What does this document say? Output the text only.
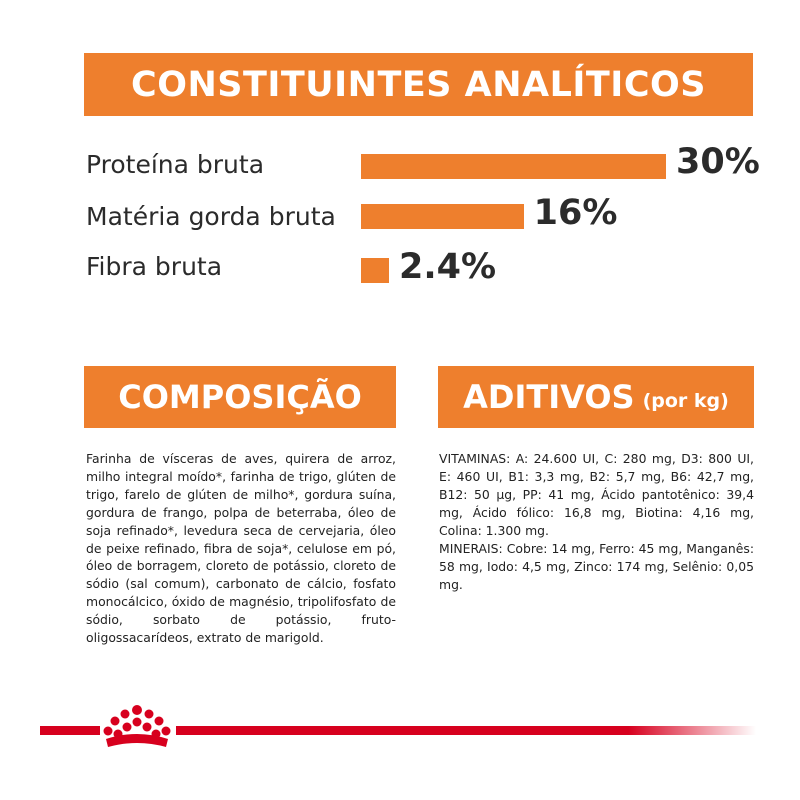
CONSTITUINTES ANALÍTICOS
Proteína bruta	30%
Matéria gorda bruta	16%
Fibra bruta	2.4%
COMPOSIÇÃO	ADITIVOS (por kg)
Farinha de vísceras de aves, quirera de arroz, milho integral moído*, farinha de trigo, glúten de trigo, farelo de glúten de milho*, gordura suína, gordura de frango, polpa de beterraba, óleo de soja refinado*, levedura seca de cervejaria, óleo de peixe refinado, fibra de soja*, celulose em pó, óleo de borragem, cloreto de potássio, cloreto de sódio (sal comum), carbonato de cálcio, fosfato monocálcico, óxido de magnésio, tripolifosfato de sódio, sorbato de potássio, fruto-oligossacarídeos, extrato de marigold.
VITAMINAS: A: 24.600 UI, C: 280 mg, D3: 800 UI, E: 460 UI, B1: 3,3 mg, B2: 5,7 mg, B6: 42,7 mg, B12: 50 µg, PP: 41 mg, Ácido pantotênico: 39,4 mg, Ácido fólico: 16,8 mg, Biotina: 4,16 mg, Colina: 1.300 mg.
MINERAIS: Cobre: 14 mg, Ferro: 45 mg, Manganês: 58 mg, Iodo: 4,5 mg, Zinco: 174 mg, Selênio: 0,05 mg.
